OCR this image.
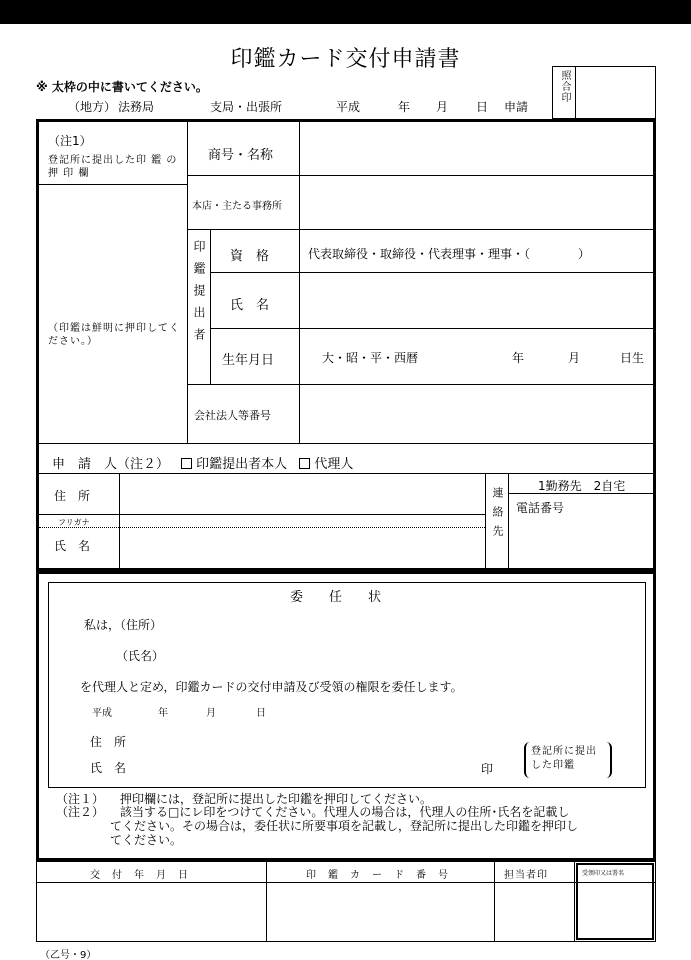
印鑑カード交付申請書
※ 太枠の中に書いてください。
（地方） 法務局	支局・出張所	平成	年 月 日 申請
照合印
（注1）
登記所に提出した印 鑑 の 押 印 欄
（印鑑は鮮明に押印してください。）
商号・名称
本店・主たる事務所
印鑑提出者 資　格	代表取締役・取締役・代表理事・理事・（　　　　）
氏　名
生年月日	大・昭・平・西暦	年	月	日生
会社法人等番号
申　請　人（注２） 印鑑提出者本人 代理人
住　所
フリガナ
氏　名
連絡先
1勤務先　2自宅
電話番号
委　　任　　状
私は，（住所）
（氏名）
を代理人と定め，印鑑カードの交付申請及び受領の権限を委任します。
平成	年	月	日
住　所
氏　名	印
登記所に提出した印鑑
（注１） 押印欄には，登記所に提出した印鑑を押印してください。
（注２） 該当する□にレ印をつけてください。代理人の場合は，代理人の住所･氏名を記載し
てください。その場合は，委任状に所要事項を記載し，登記所に提出した印鑑を押印し
てください。
交　付　年　月　日	印　鑑　カ　ー　ド　番　号	担当者印	受領印又は署名
（乙号・9）
